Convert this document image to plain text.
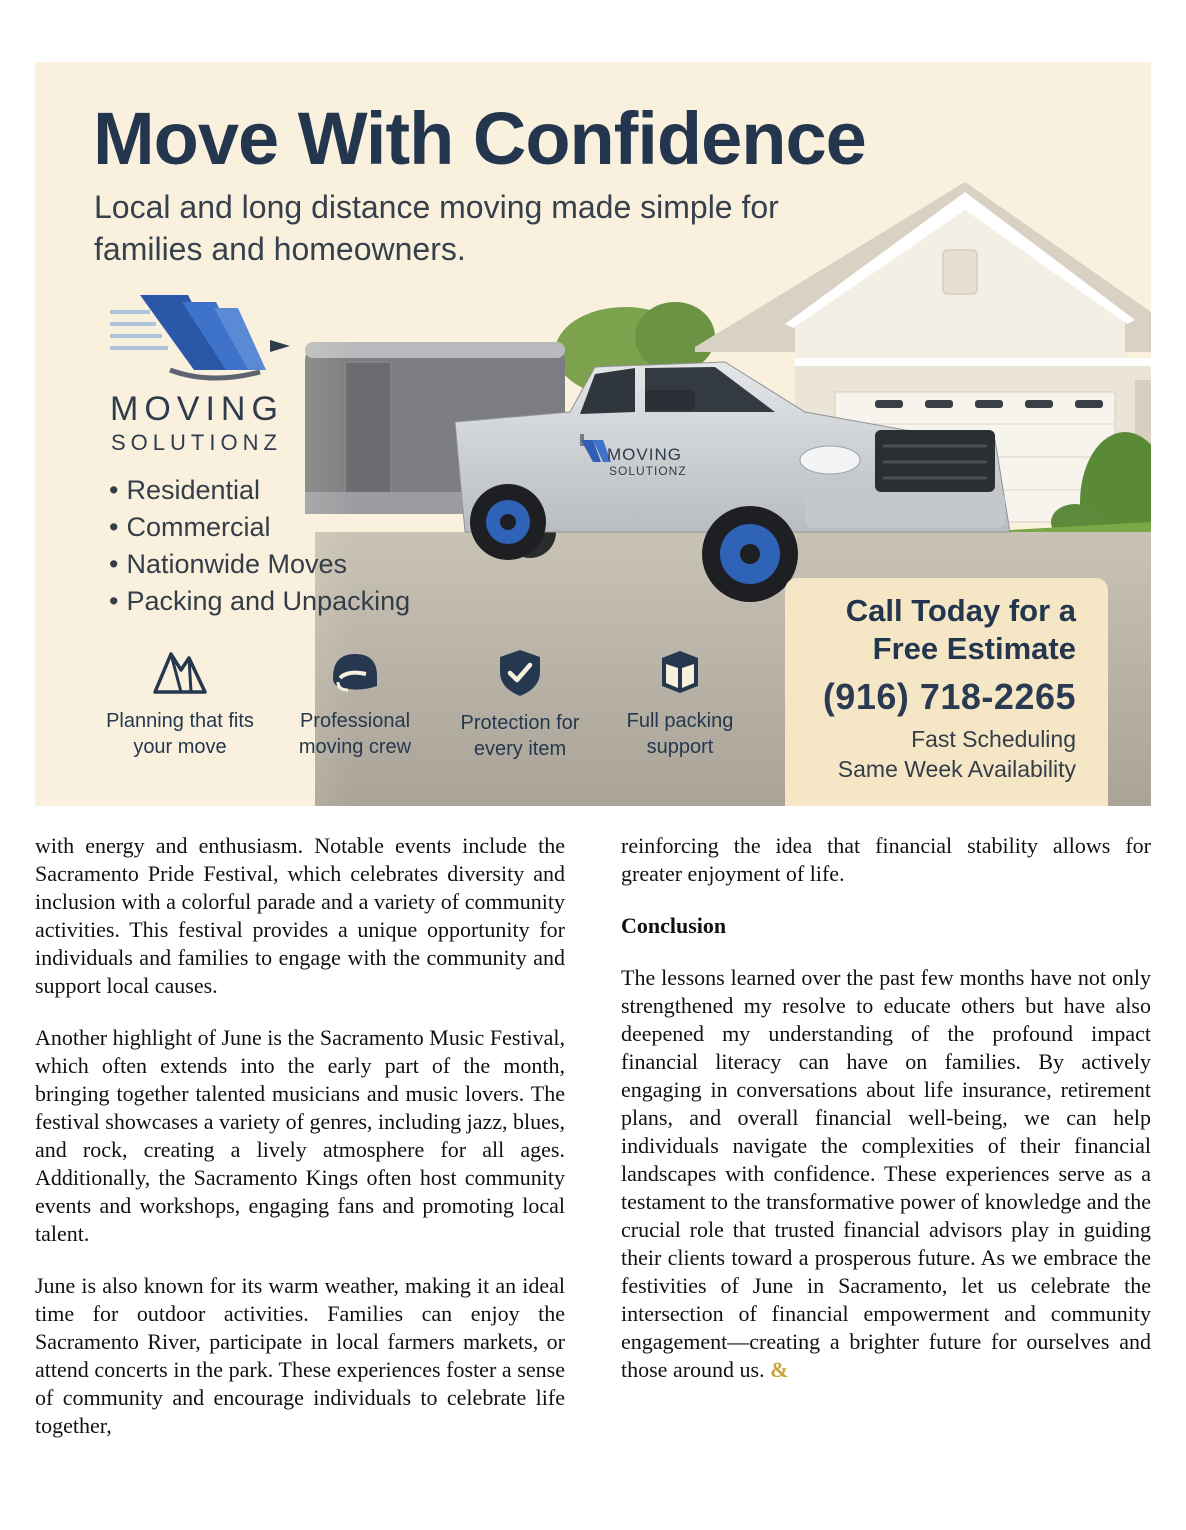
MOVING
SOLUTIONZ
Move With Confidence
Local and long distance moving made simple for families and homeowners.
MOVING
SOLUTIONZ
• Residential
• Commercial
• Nationwide Moves
• Packing and Unpacking
Planning that fits your move
Professional moving crew
Protection for every item
Full packing support
Call Today for a Free Estimate
(916) 718-2265
Fast Scheduling
Same Week Availability

with energy and enthusiasm. Notable events include the Sacramento Pride Festival, which celebrates diversity and inclusion with a colorful parade and a variety of community activities. This festival provides a unique opportunity for individuals and families to engage with the community and support local causes.

Another highlight of June is the Sacramento Music Festival, which often extends into the early part of the month, bringing together talented musicians and music lovers. The festival showcases a variety of genres, including jazz, blues, and rock, creating a lively atmosphere for all ages. Additionally, the Sacramento Kings often host community events and workshops, engaging fans and promoting local talent.

June is also known for its warm weather, making it an ideal time for outdoor activities. Families can enjoy the Sacramento River, participate in local farmers markets, or attend concerts in the park. These experiences foster a sense of community and encourage individuals to celebrate life together,

reinforcing the idea that financial stability allows for greater enjoyment of life.

Conclusion

The lessons learned over the past few months have not only strengthened my resolve to educate others but have also deepened my understanding of the profound impact financial literacy can have on families. By actively engaging in conversations about life insurance, retirement plans, and overall financial well-being, we can help individuals navigate the complexities of their financial landscapes with confidence. These experiences serve as a testament to the transformative power of knowledge and the crucial role that trusted financial advisors play in guiding their clients toward a prosperous future. As we embrace the festivities of June in Sacramento, let us celebrate the intersection of financial empowerment and community engagement—creating a brighter future for ourselves and those around us. &
